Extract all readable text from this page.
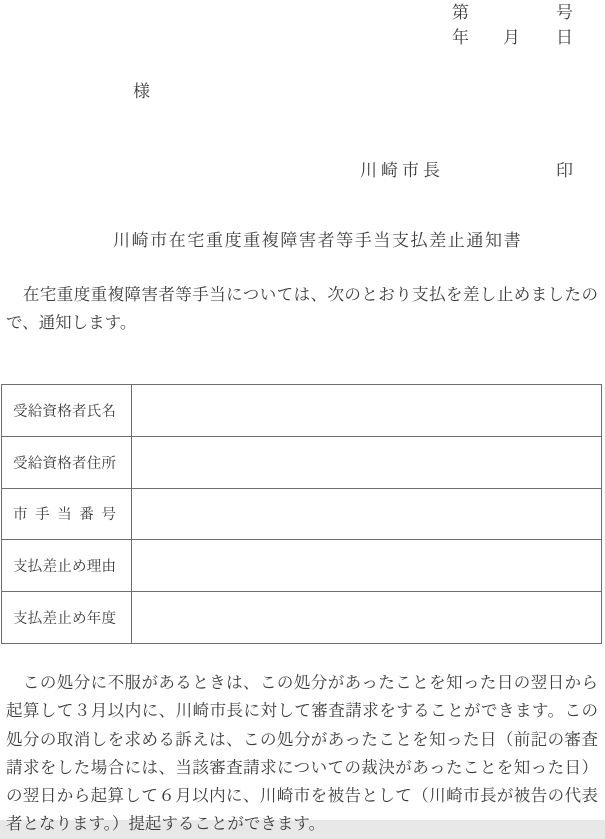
第	号
年 月 日
様
川崎市長	印
川崎市在宅重度重複障害者等手当支払差止通知書
　在宅重度重複障害者等手当については、次のとおり支払を差し止めましたの
で、通知します。
受給資格者氏名	
受給資格者住所	
市手当番号	
支払差止め理由	
支払差止め年度	
　この処分に不服があるときは、この処分があったことを知った日の翌日から
起算して３月以内に、川崎市長に対して審査請求をすることができます。この
処分の取消しを求める訴えは、この処分があったことを知った日（前記の審査
請求をした場合には、当該審査請求についての裁決があったことを知った日）
の翌日から起算して６月以内に、川崎市を被告として（川崎市長が被告の代表
者となります。）提起することができます。
